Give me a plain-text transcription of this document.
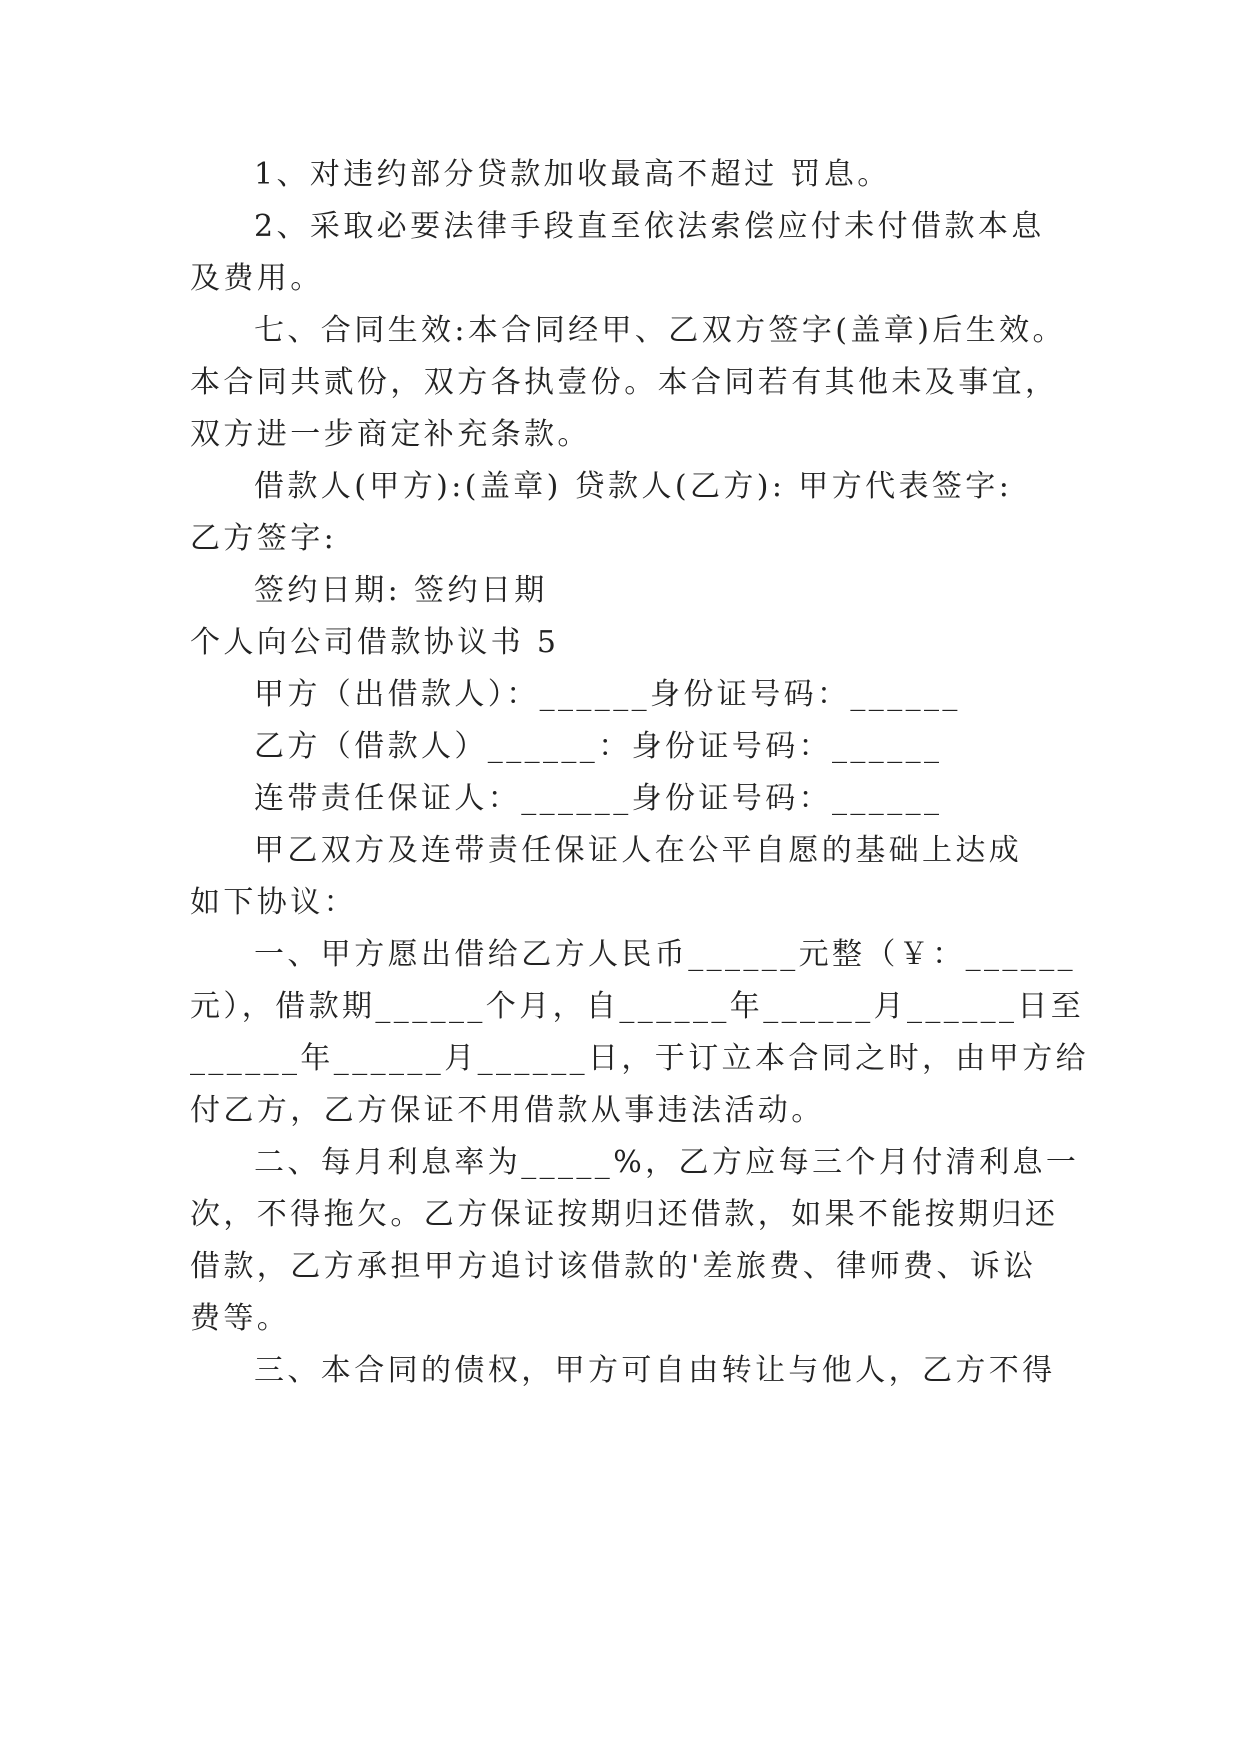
1、对违约部分贷款加收最高不超过 罚息。
2、采取必要法律手段直至依法索偿应付未付借款本息
及费用。
七、合同生效:本合同经甲、乙双方签字(盖章)后生效。
本合同共贰份，双方各执壹份。本合同若有其他未及事宜，
双方进一步商定补充条款。
借款人(甲方):(盖章) 贷款人(乙方): 甲方代表签字:
乙方签字:
签约日期: 签约日期
个人向公司借款协议书 5
甲方（出借款人）：______身份证号码：______
乙方（借款人）______：身份证号码：______
连带责任保证人：______身份证号码：______
甲乙双方及连带责任保证人在公平自愿的基础上达成
如下协议：
一、甲方愿出借给乙方人民币______元整（￥：______
元），借款期______个月，自______年______月______日至
______年______月______日，于订立本合同之时，由甲方给
付乙方，乙方保证不用借款从事违法活动。
二、每月利息率为_____%，乙方应每三个月付清利息一
次，不得拖欠。乙方保证按期归还借款，如果不能按期归还
借款，乙方承担甲方追讨该借款的'差旅费、律师费、诉讼
费等。
三、本合同的债权，甲方可自由转让与他人，乙方不得
